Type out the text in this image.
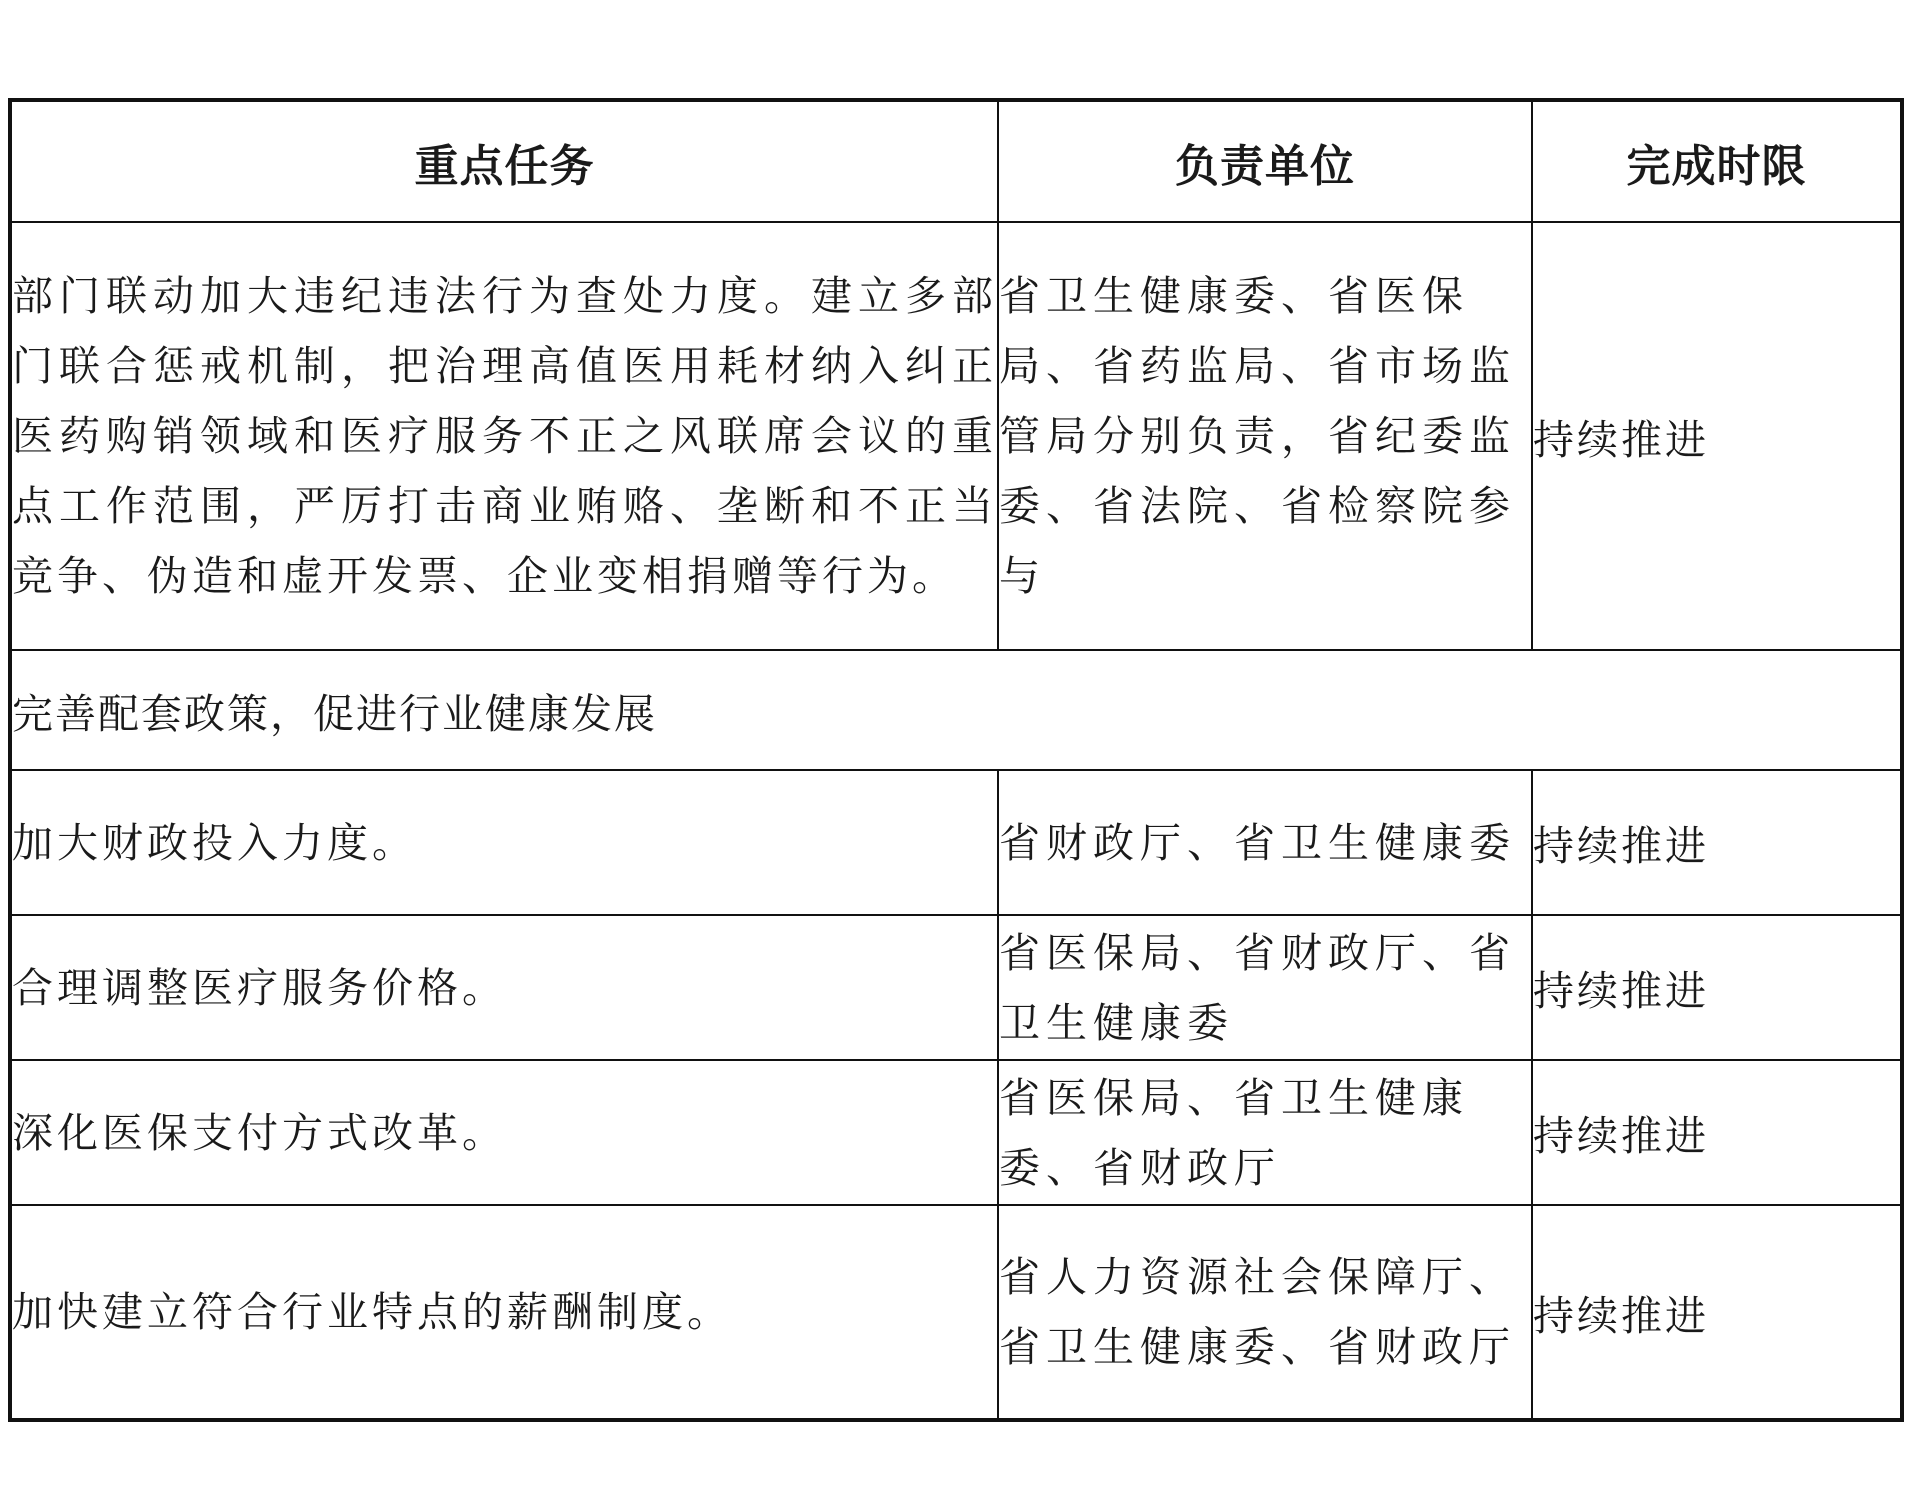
重点任务	负责单位	完成时限
部门联动加大违纪违法行为查处力度。建立多部门联合惩戒机制，把治理高值医用耗材纳入纠正医药购销领域和医疗服务不正之风联席会议的重点工作范围，严厉打击商业贿赂、垄断和不正当竞争、伪造和虚开发票、企业变相捐赠等行为。	省卫生健康委、省医保局、省药监局、省市场监管局分别负责，省纪委监委、省法院、省检察院参与	持续推进
完善配套政策，促进行业健康发展		
加大财政投入力度。	省财政厅、省卫生健康委	持续推进
合理调整医疗服务价格。	省医保局、省财政厅、省卫生健康委	持续推进
深化医保支付方式改革。	省医保局、省卫生健康委、省财政厅	持续推进
加快建立符合行业特点的薪酬制度。	省人力资源社会保障厅、省卫生健康委、省财政厅	持续推进
